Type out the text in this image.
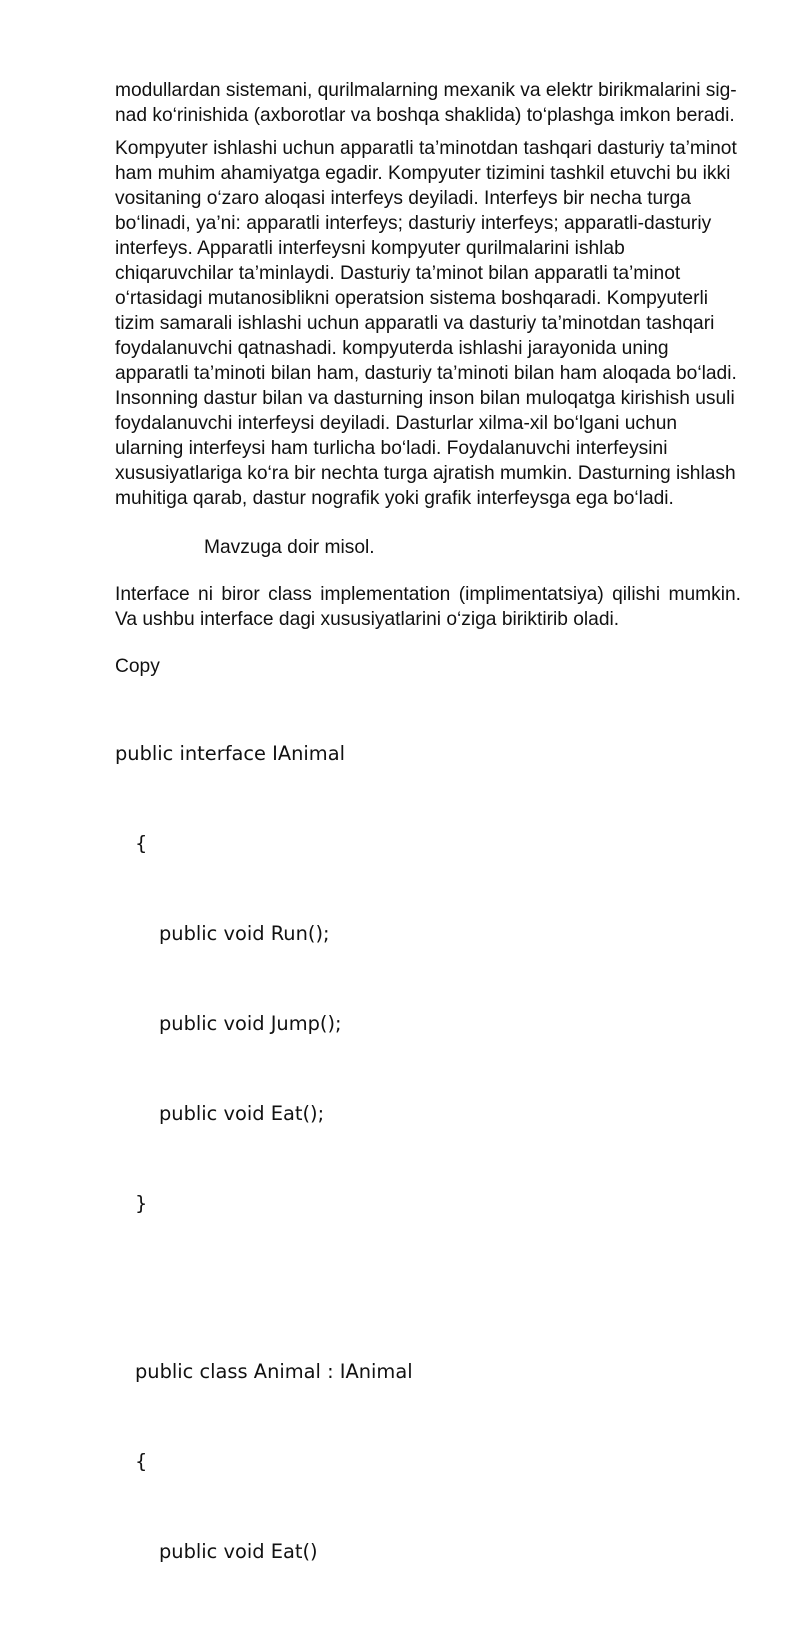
modullardan sistemani, qurilmalarning mexanik va elektr birikmalarini sig-nad ko‘rinishida (axborotlar va boshqa shaklida) to‘plashga imkon beradi.

Kompyuter ishlashi uchun apparatli ta’minotdan tashqari dasturiy ta’minot ham muhim ahamiyatga egadir. Kompyuter tizimini tashkil etuvchi bu ikki vositaning o‘zaro aloqasi interfeys deyiladi. Interfeys bir necha turga bo‘linadi, ya’ni: apparatli interfeys; dasturiy interfeys; apparatli-dasturiy interfeys. Apparatli interfeysni kompyuter qurilmalarini ishlab chiqaruvchilar ta’minlaydi. Dasturiy ta’minot bilan apparatli ta’minot o‘rtasidagi mutanosiblikni operatsion sistema boshqaradi. Kompyuterli tizim samarali ishlashi uchun apparatli va dasturiy ta’minotdan tashqari foydalanuvchi qatnashadi. kompyuterda ishlashi jarayonida uning apparatli ta’minoti bilan ham, dasturiy ta’minoti bilan ham aloqada bo‘ladi. Insonning dastur bilan va dasturning inson bilan muloqatga kirishish usuli foydalanuvchi interfeysi deyiladi. Dasturlar xilma-xil bo‘lgani uchun ularning interfeysi ham turlicha bo‘ladi. Foydalanuvchi interfeysini xususiyatlariga ko‘ra bir nechta turga ajratish mumkin. Dasturning ishlash muhitiga qarab, dastur nografik yoki grafik interfeysga ega bo‘ladi.

Mavzuga doir misol.

Interface ni biror class implementation (implimentatsiya) qilishi mumkin. Va ushbu interface dagi xususiyatlarini o‘ziga biriktirib oladi.

Copy

public interface IAnimal

{

public void Run();

public void Jump();

public void Eat();

}

public class Animal : IAnimal

{

public void Eat()
